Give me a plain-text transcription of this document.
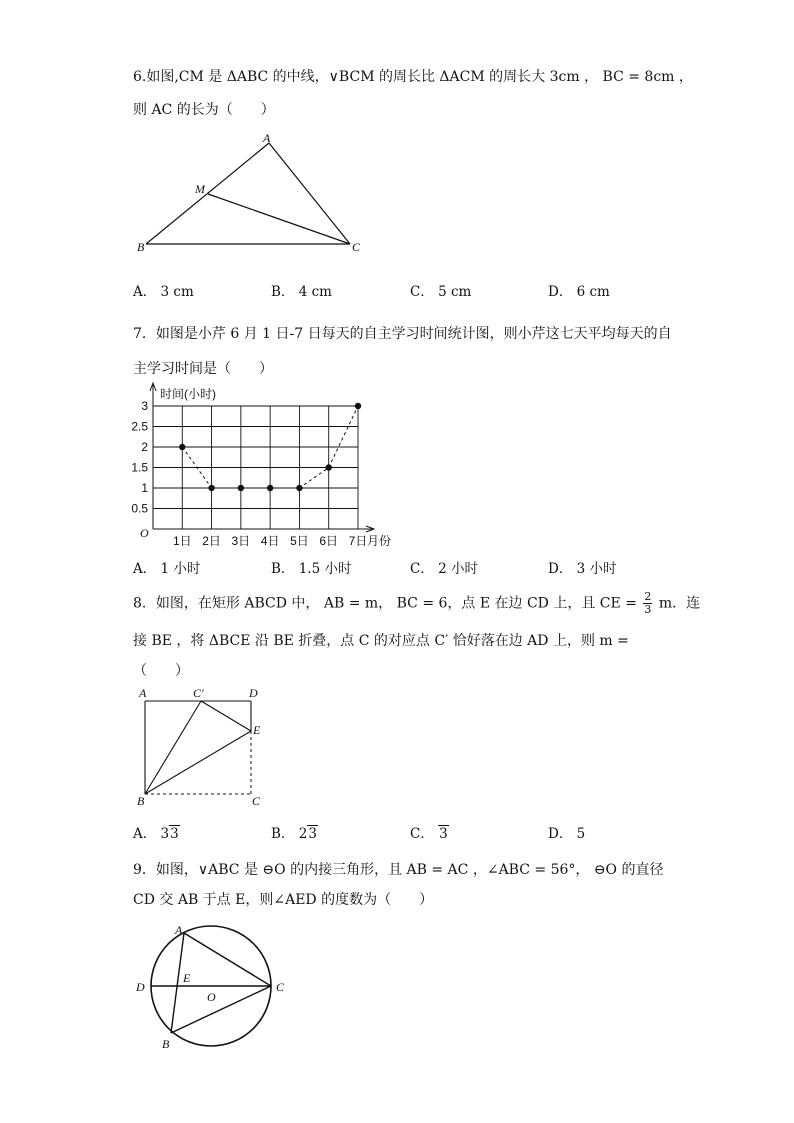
6.如图,CM 是 ΔABC 的中线，∨BCM 的周长比 ΔACM 的周长大 3cm ， BC = 8cm ，
则 AC 的长为（　　）
A
M
B	C
A． 3 cm	B． 4 cm	C． 5 cm	D． 6 cm
7．如图是小芹 6 月 1 日-7 日每天的自主学习时间统计图，则小芹这七天平均每天的自
主学习时间是（　　）
时间(小时)
0.5
1
1.5
2
2.5
3
O
1日 2日 3日 4日 5日 6日 7日 月份
A． 1 小时	B． 1.5 小时	C． 2 小时	D． 3 小时
8．如图，在矩形 ABCD 中， AB = m， BC = 6，点 E 在边 CD 上，且 CE = $\frac{2}{3}$ m．连
接 BE ，将 ΔBCE 沿 BE 折叠，点 C 的对应点 C′ 恰好落在边 AD 上，则 m =
（　　）
A	C′	D
E
B	C
A． 33	B． 23	C． 3	D． 5
9．如图，∨ABC 是 ⊖O 的内接三角形，且 AB = AC ，∠ABC = 56°， ⊖O 的直径
CD 交 AB 于点 E，则∠AED 的度数为（　　）
A
D
E
O
C
B
